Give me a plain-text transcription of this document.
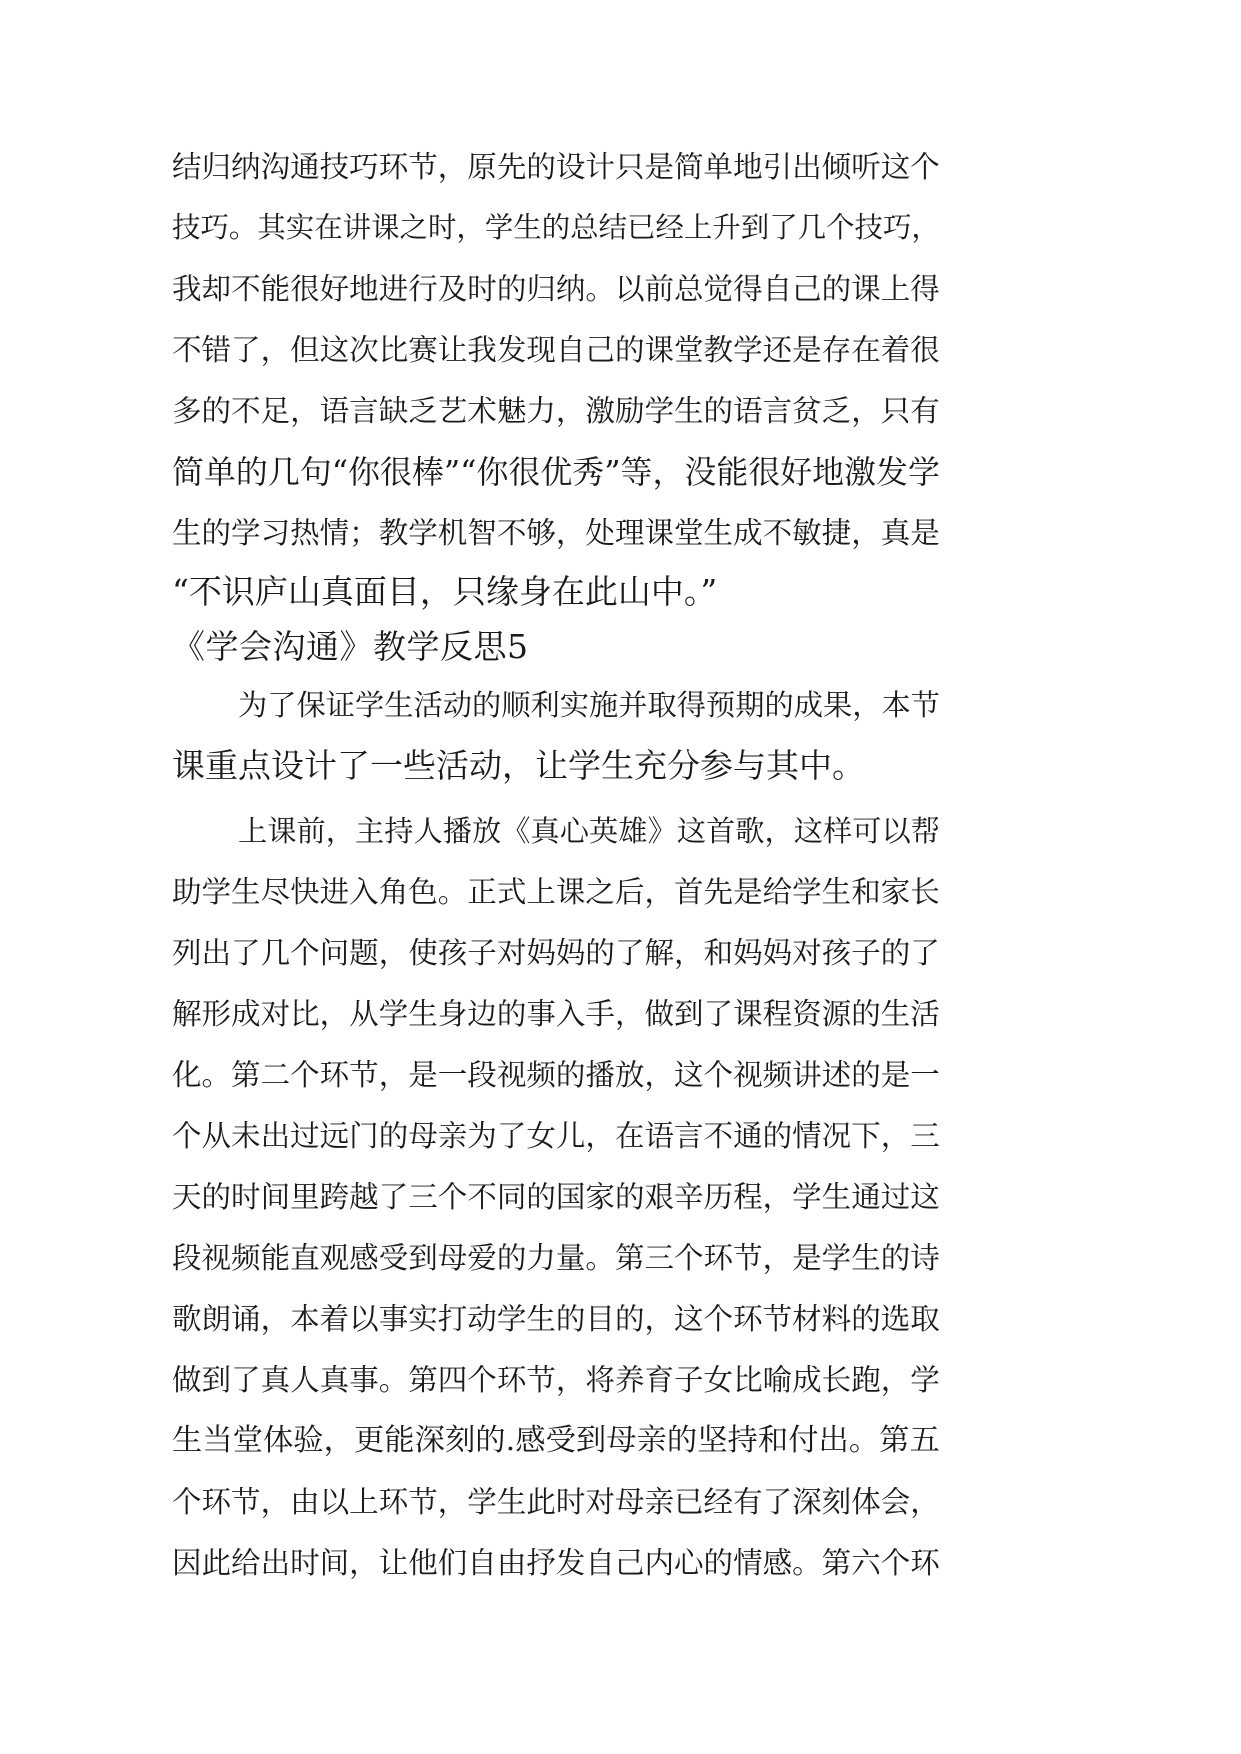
结归纳沟通技巧环节，原先的设计只是简单地引出倾听这个
技巧。其实在讲课之时，学生的总结已经上升到了几个技巧，
我却不能很好地进行及时的归纳。以前总觉得自己的课上得
不错了，但这次比赛让我发现自己的课堂教学还是存在着很
多的不足，语言缺乏艺术魅力，激励学生的语言贫乏，只有
简单的几句“你很棒”“你很优秀”等，没能很好地激发学
生的学习热情；教学机智不够，处理课堂生成不敏捷，真是
“不识庐山真面目，只缘身在此山中。”
《学会沟通》教学反思5
为了保证学生活动的顺利实施并取得预期的成果，本节
课重点设计了一些活动，让学生充分参与其中。
上课前，主持人播放《真心英雄》这首歌，这样可以帮
助学生尽快进入角色。正式上课之后，首先是给学生和家长
列出了几个问题，使孩子对妈妈的了解，和妈妈对孩子的了
解形成对比，从学生身边的事入手，做到了课程资源的生活
化。第二个环节，是一段视频的播放，这个视频讲述的是一
个从未出过远门的母亲为了女儿，在语言不通的情况下，三
天的时间里跨越了三个不同的国家的艰辛历程，学生通过这
段视频能直观感受到母爱的力量。第三个环节，是学生的诗
歌朗诵，本着以事实打动学生的目的，这个环节材料的选取
做到了真人真事。第四个环节，将养育子女比喻成长跑，学
生当堂体验，更能深刻的.感受到母亲的坚持和付出。第五
个环节，由以上环节，学生此时对母亲已经有了深刻体会，
因此给出时间，让他们自由抒发自己内心的情感。第六个环
